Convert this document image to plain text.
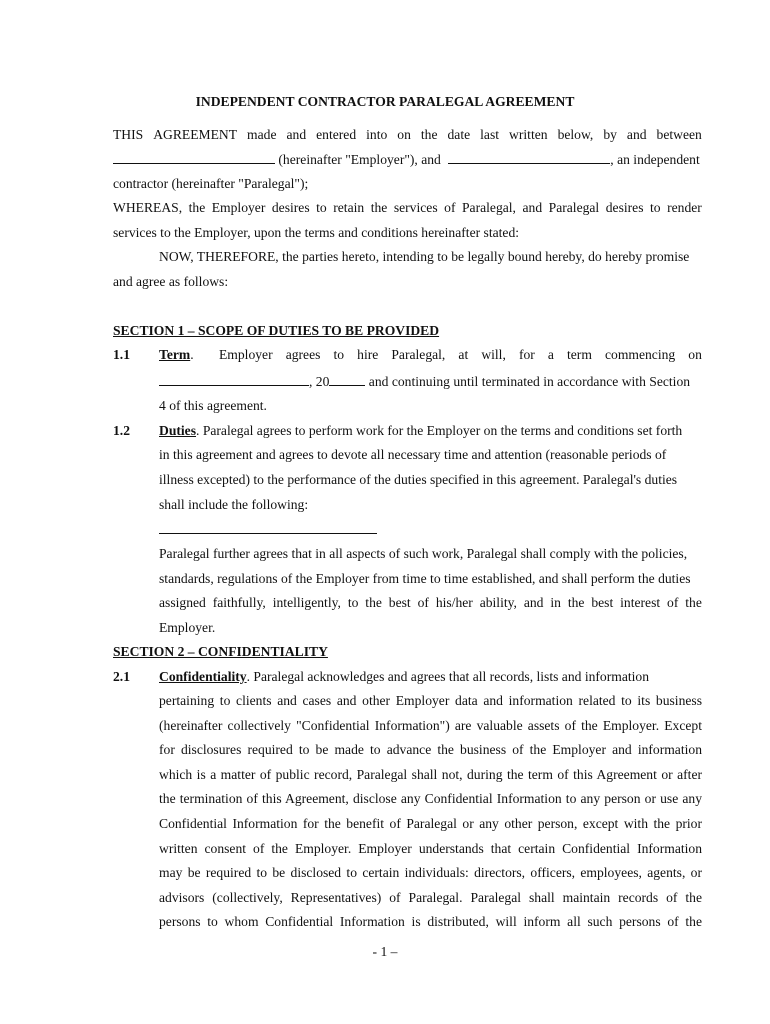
INDEPENDENT CONTRACTOR PARALEGAL AGREEMENT
THIS AGREEMENT made and entered into on the date last written below, by and between
(hereinafter "Employer"), and	, an independent
contractor (hereinafter "Paralegal");
WHEREAS, the Employer desires to retain the services of Paralegal, and Paralegal desires to render
services to the Employer, upon the terms and conditions hereinafter stated:
NOW, THEREFORE, the parties hereto, intending to be legally bound hereby, do hereby promise
and agree as follows:
SECTION 1 – SCOPE OF DUTIES TO BE PROVIDED
1.1 Term. Employer agrees to hire Paralegal, at will, for a term commencing on
, 20	and continuing until terminated in accordance with Section
4 of this agreement.
1.2 Duties. Paralegal agrees to perform work for the Employer on the terms and conditions set forth
in this agreement and agrees to devote all necessary time and attention (reasonable periods of
illness excepted) to the performance of the duties specified in this agreement. Paralegal's duties
shall include the following:
Paralegal further agrees that in all aspects of such work, Paralegal shall comply with the policies,
standards, regulations of the Employer from time to time established, and shall perform the duties
assigned faithfully, intelligently, to the best of his/her ability, and in the best interest of the
Employer.
SECTION 2 – CONFIDENTIALITY
2.1 Confidentiality. Paralegal acknowledges and agrees that all records, lists and information
pertaining to clients and cases and other Employer data and information related to its business
(hereinafter collectively "Confidential Information") are valuable assets of the Employer. Except
for disclosures required to be made to advance the business of the Employer and information
which is a matter of public record, Paralegal shall not, during the term of this Agreement or after
the termination of this Agreement, disclose any Confidential Information to any person or use any
Confidential Information for the benefit of Paralegal or any other person, except with the prior
written consent of the Employer. Employer understands that certain Confidential Information
may be required to be disclosed to certain individuals: directors, officers, employees, agents, or
advisors (collectively, Representatives) of Paralegal. Paralegal shall maintain records of the
persons to whom Confidential Information is distributed, will inform all such persons of the
- 1 –
